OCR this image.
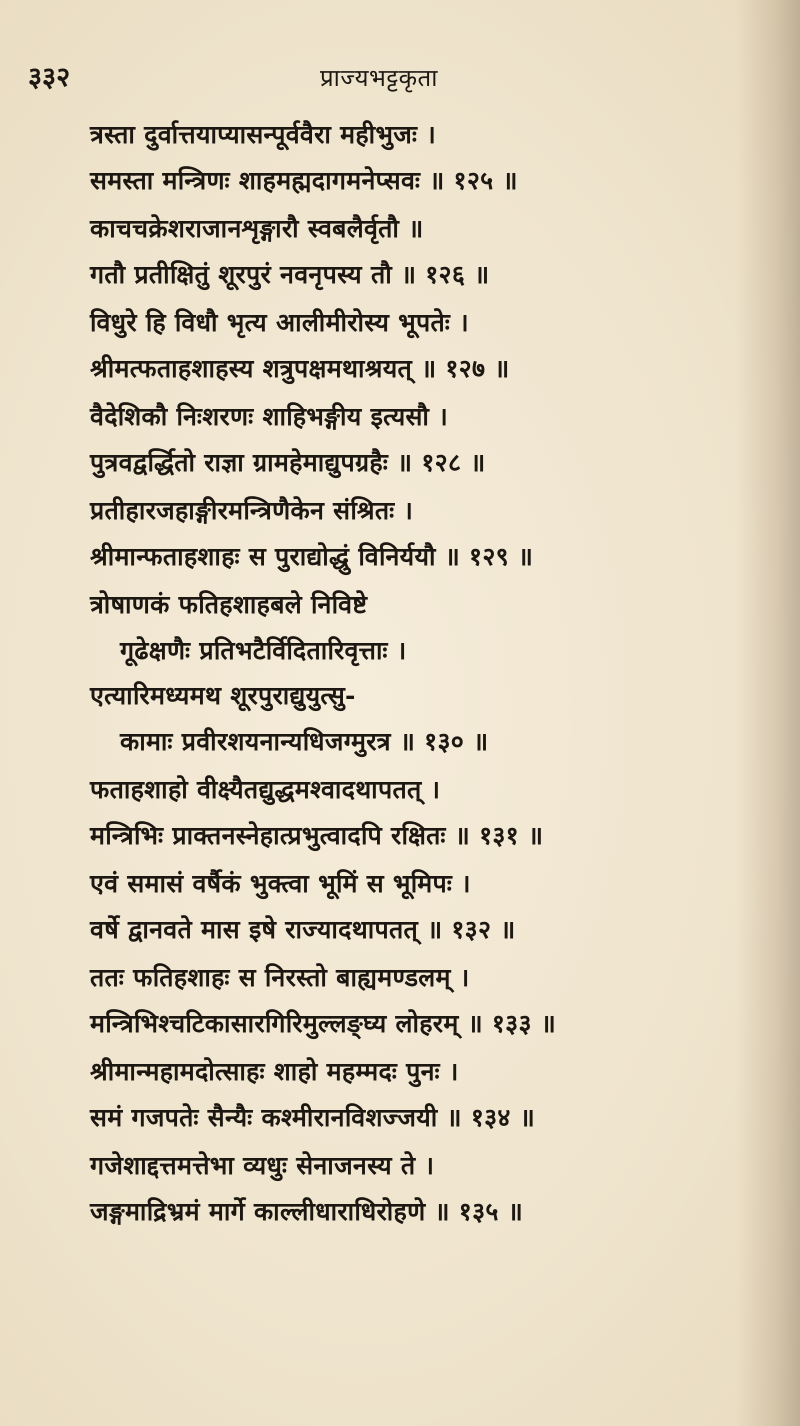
३३२	प्राज्यभट्टकृता
त्रस्ता दुर्वात्तयाप्यासन्पूर्ववैरा महीभुजः ।
समस्ता मन्त्रिणः शाहमह्मदागमनेप्सवः ॥ १२५ ॥
काचचक्रेशराजानशृङ्गारौ स्वबलैर्वृतौ ॥
गतौ प्रतीक्षितुं शूरपुरं नवनृपस्य तौ ॥ १२६ ॥
विधुरे हि विधौ भृत्य आलीमीरोस्य भूपतेः ।
श्रीमत्फताहशाहस्य शत्रुपक्षमथाश्रयत् ॥ १२७ ॥
वैदेशिकौ निःशरणः शाहिभङ्गीय इत्यसौ ।
पुत्रवद्वर्द्धितो राज्ञा ग्रामहेमाद्युपग्रहैः ॥ १२८ ॥
प्रतीहारजहाङ्गीरमन्त्रिणैकेन संश्रितः ।
श्रीमान्फताहशाहः स पुराद्योद्धुं विनिर्ययौ ॥ १२९ ॥
त्रोषाणकं फतिहशाहबले निविष्टे
गूढेक्षणैः प्रतिभटैर्विदितारिवृत्ताः ।
एत्यारिमध्यमथ शूरपुराद्युयुत्सु-
कामाः प्रवीरशयनान्यधिजग्मुरत्र ॥ १३० ॥
फताहशाहो वीक्ष्यैतद्युद्धमश्वादथापतत् ।
मन्त्रिभिः प्राक्तनस्नेहात्प्रभुत्वादपि रक्षितः ॥ १३१ ॥
एवं समासं वर्षैकं भुक्त्वा भूमिं स भूमिपः ।
वर्षे द्वानवते मास इषे राज्यादथापतत् ॥ १३२ ॥
ततः फतिहशाहः स निरस्तो बाह्यमण्डलम् ।
मन्त्रिभिश्चटिकासारगिरिमुल्लङ्घ्य लोहरम् ॥ १३३ ॥
श्रीमान्महामदोत्साहः शाहो महम्मदः पुनः ।
समं गजपतेः सैन्यैः कश्मीरानविशज्जयी ॥ १३४ ॥
गजेशाद्दत्तमत्तेभा व्यधुः सेनाजनस्य ते ।
जङ्गमाद्रिभ्रमं मार्गे काल्लीधाराधिरोहणे ॥ १३५ ॥
